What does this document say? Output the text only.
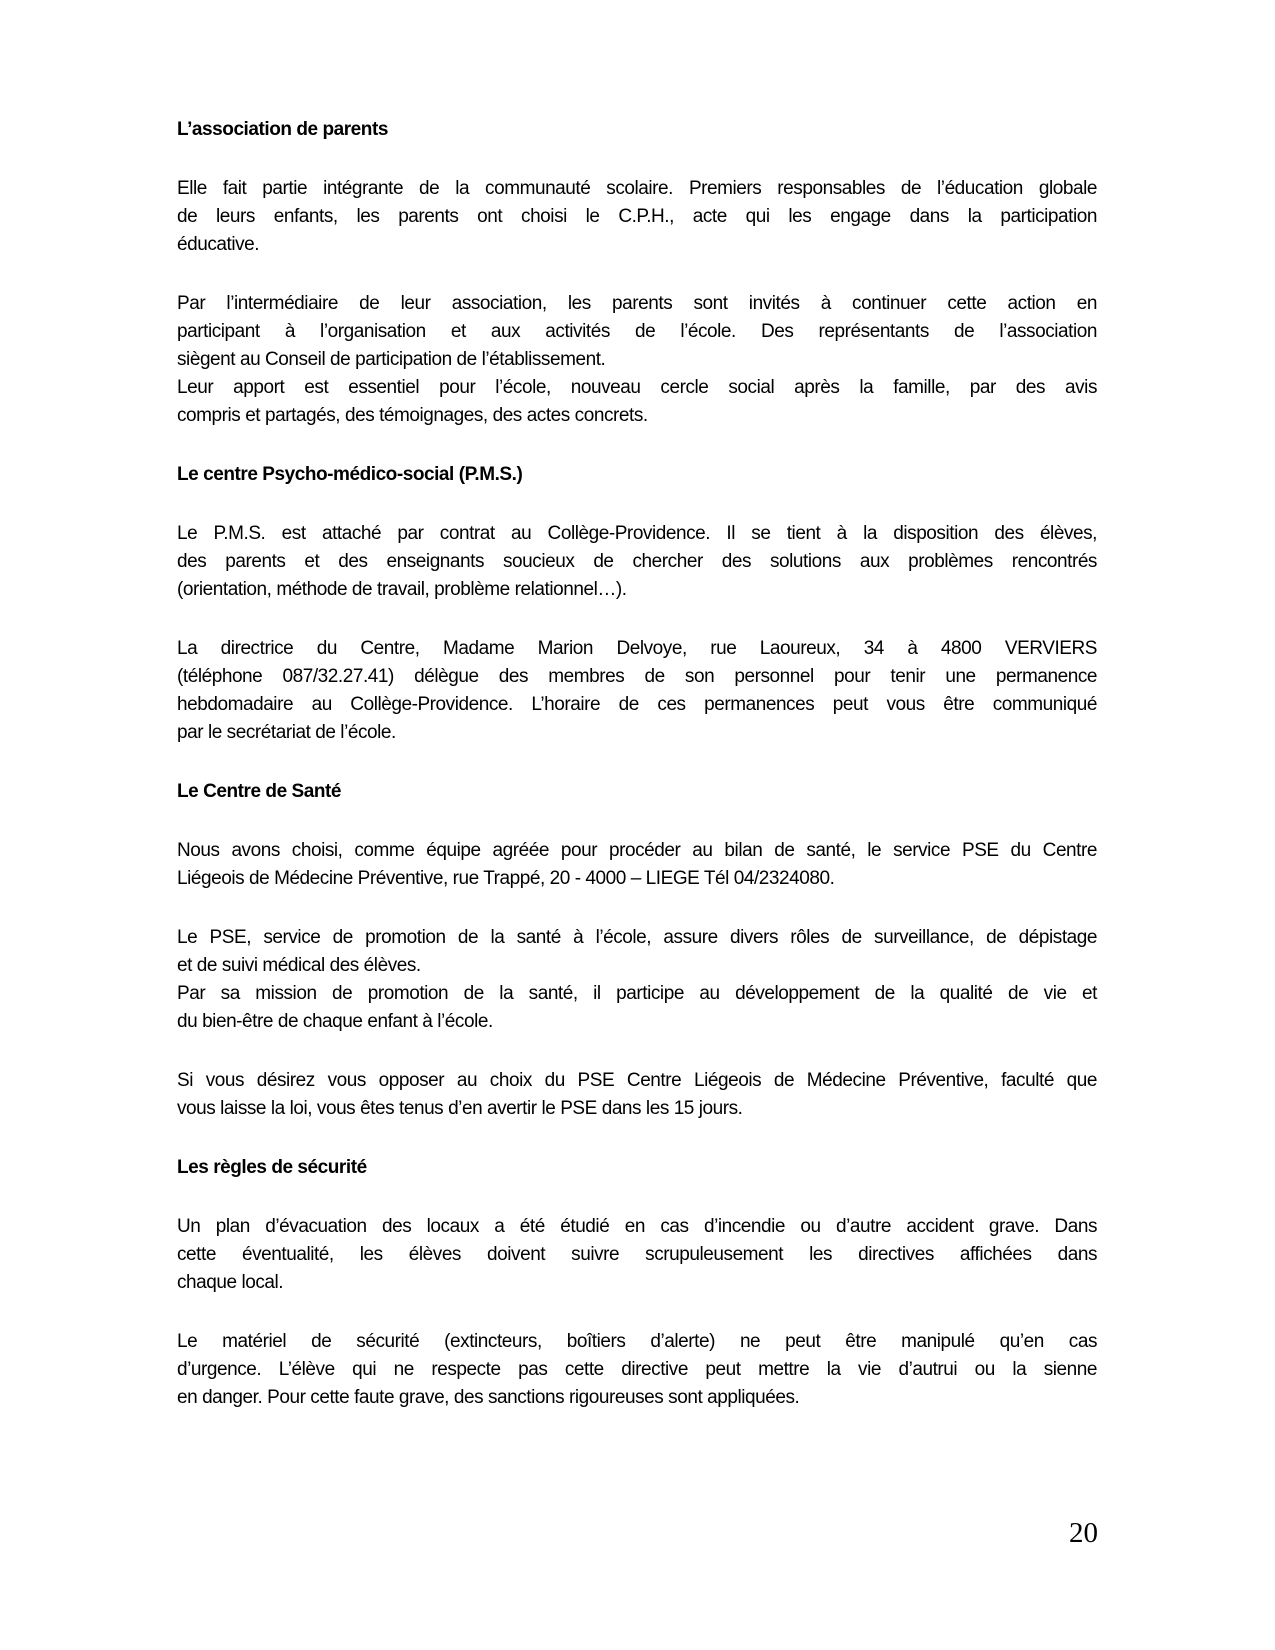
L’association de parents
Elle fait partie intégrante de la communauté scolaire. Premiers responsables de l’éducation globale
de leurs enfants, les parents ont choisi le C.P.H., acte qui les engage dans la participation
éducative.
Par l’intermédiaire de leur association, les parents sont invités à continuer cette action en
participant à l’organisation et aux activités de l’école. Des représentants de l’association
siègent au Conseil de participation de l’établissement.
Leur apport est essentiel pour l’école, nouveau cercle social après la famille, par des avis
compris et partagés, des témoignages, des actes concrets.
Le centre Psycho-médico-social (P.M.S.)
Le P.M.S. est attaché par contrat au Collège-Providence. Il se tient à la disposition des élèves,
des parents et des enseignants soucieux de chercher des solutions aux problèmes rencontrés
(orientation, méthode de travail, problème relationnel…).
La directrice du Centre, Madame Marion Delvoye, rue Laoureux, 34 à 4800 VERVIERS
(téléphone 087/32.27.41) délègue des membres de son personnel pour tenir une permanence
hebdomadaire au Collège-Providence. L’horaire de ces permanences peut vous être communiqué
par le secrétariat de l’école.
Le Centre de Santé
Nous avons choisi, comme équipe agréée pour procéder au bilan de santé, le service PSE du Centre
Liégeois de Médecine Préventive, rue Trappé, 20 - 4000 – LIEGE Tél 04/2324080.
Le PSE, service de promotion de la santé à l’école, assure divers rôles de surveillance, de dépistage
et de suivi médical des élèves.
Par sa mission de promotion de la santé, il participe au développement de la qualité de vie et
du bien-être de chaque enfant à l’école.
Si vous désirez vous opposer au choix du PSE Centre Liégeois de Médecine Préventive, faculté que
vous laisse la loi, vous êtes tenus d’en avertir le PSE dans les 15 jours.
Les règles de sécurité
Un plan d’évacuation des locaux a été étudié en cas d’incendie ou d’autre accident grave. Dans
cette éventualité, les élèves doivent suivre scrupuleusement les directives affichées dans
chaque local.
Le matériel de sécurité (extincteurs, boîtiers d’alerte) ne peut être manipulé qu’en cas
d’urgence. L’élève qui ne respecte pas cette directive peut mettre la vie d’autrui ou la sienne
en danger. Pour cette faute grave, des sanctions rigoureuses sont appliquées.
20
